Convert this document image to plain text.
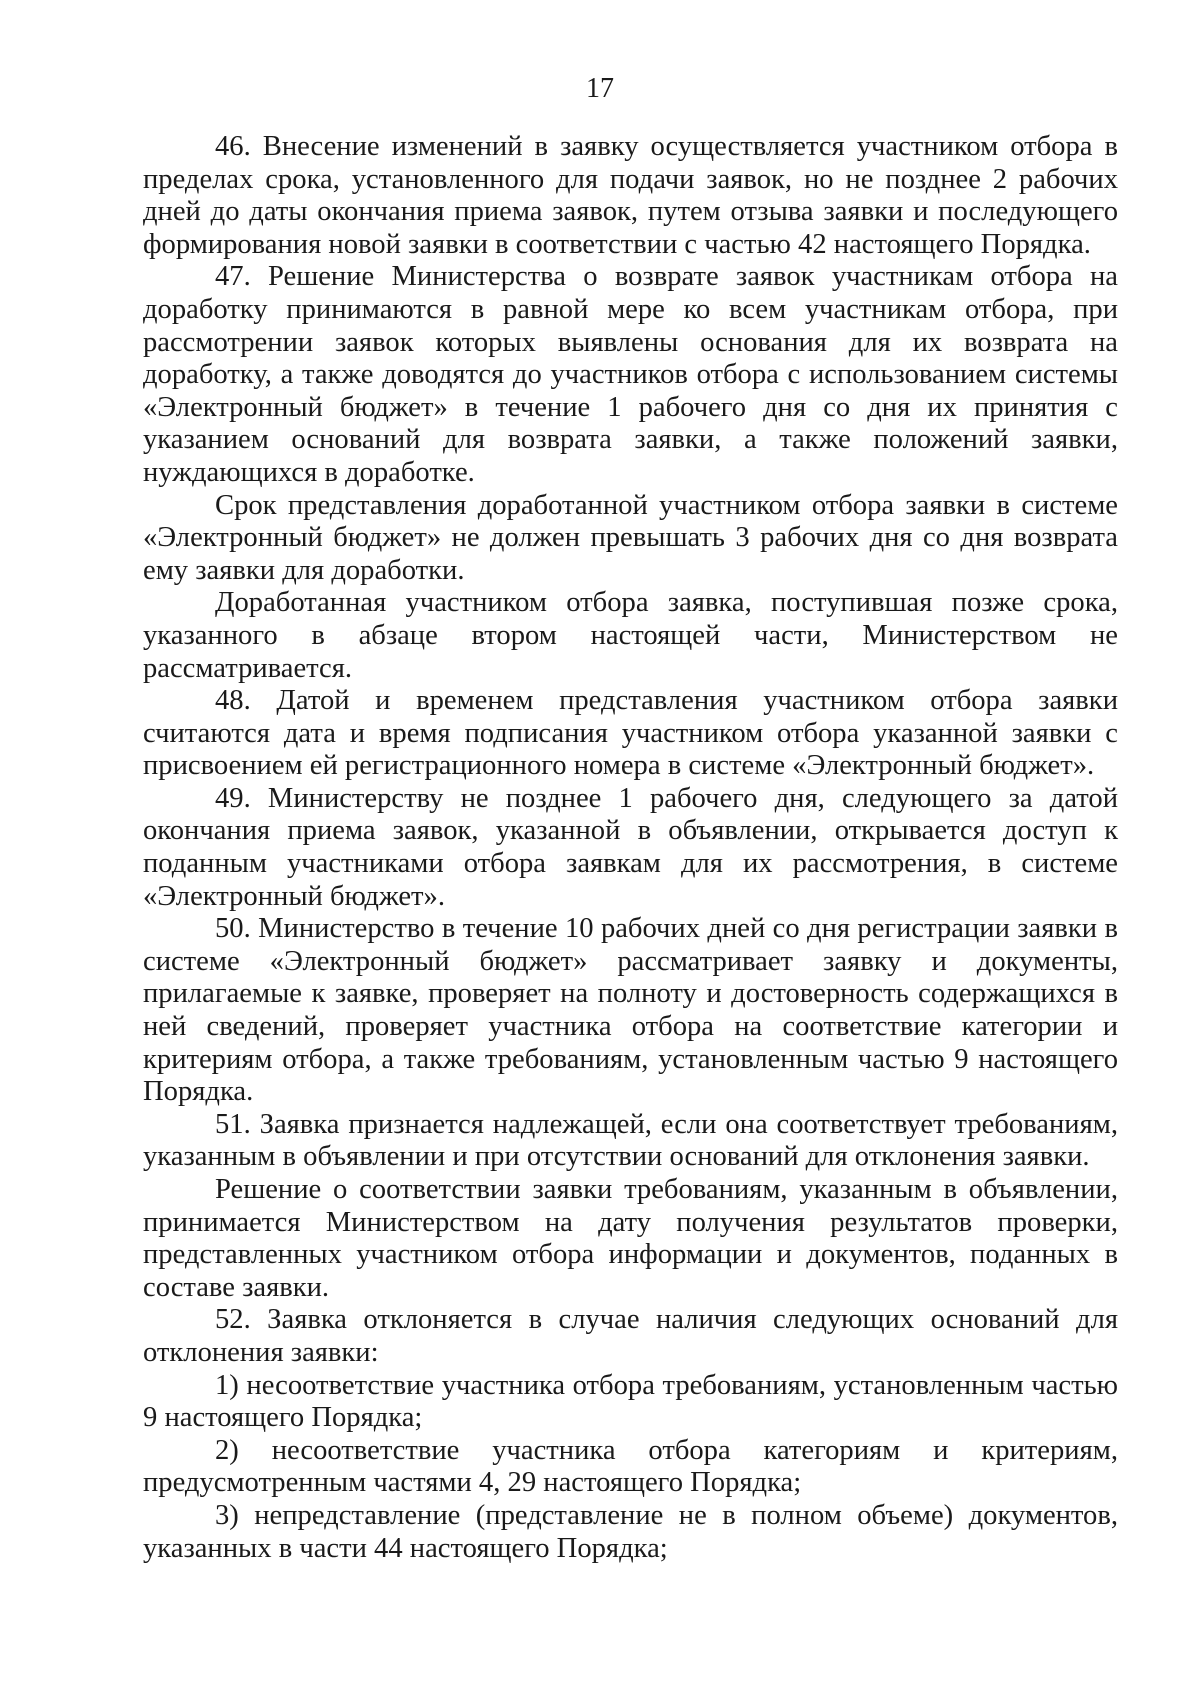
17

46. Внесение изменений в заявку осуществляется участником отбора в пределах срока, установленного для подачи заявок, но не позднее 2 рабочих дней до даты окончания приема заявок, путем отзыва заявки и последующего формирования новой заявки в соответствии с частью 42 настоящего Порядка.

47. Решение Министерства о возврате заявок участникам отбора на доработку принимаются в равной мере ко всем участникам отбора, при рассмотрении заявок которых выявлены основания для их возврата на доработку, а также доводятся до участников отбора с использованием системы «Электронный бюджет» в течение 1 рабочего дня со дня их принятия с указанием оснований для возврата заявки, а также положений заявки, нуждающихся в доработке.

Срок представления доработанной участником отбора заявки в системе «Электронный бюджет» не должен превышать 3 рабочих дня со дня возврата ему заявки для доработки.

Доработанная участником отбора заявка, поступившая позже срока, указанного в абзаце втором настоящей части, Министерством не рассматривается.

48. Датой и временем представления участником отбора заявки считаются дата и время подписания участником отбора указанной заявки с присвоением ей регистрационного номера в системе «Электронный бюджет».

49. Министерству не позднее 1 рабочего дня, следующего за датой окончания приема заявок, указанной в объявлении, открывается доступ к поданным участниками отбора заявкам для их рассмотрения, в системе «Электронный бюджет».

50. Министерство в течение 10 рабочих дней со дня регистрации заявки в системе «Электронный бюджет» рассматривает заявку и документы, прилагаемые к заявке, проверяет на полноту и достоверность содержащихся в ней сведений, проверяет участника отбора на соответствие категории и критериям отбора, а также требованиям, установленным частью 9 настоящего Порядка.

51. Заявка признается надлежащей, если она соответствует требованиям, указанным в объявлении и при отсутствии оснований для отклонения заявки.

Решение о соответствии заявки требованиям, указанным в объявлении, принимается Министерством на дату получения результатов проверки, представленных участником отбора информации и документов, поданных в составе заявки.

52. Заявка отклоняется в случае наличия следующих оснований для отклонения заявки:

1) несоответствие участника отбора требованиям, установленным частью 9 настоящего Порядка;

2) несоответствие участника отбора категориям и критериям, предусмотренным частями 4, 29 настоящего Порядка;

3) непредставление (представление не в полном объеме) документов, указанных в части 44 настоящего Порядка;
